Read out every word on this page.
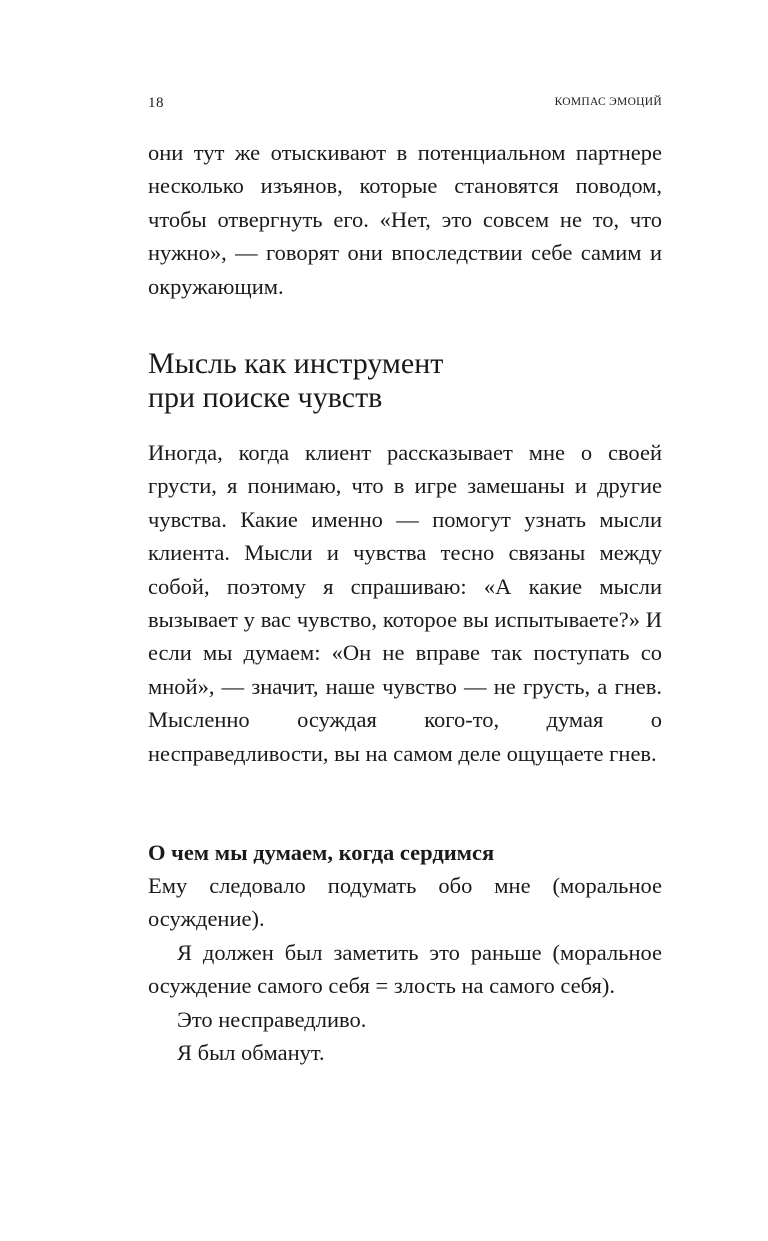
18	КОМПАС ЭМОЦИЙ

они тут же отыскивают в потенциальном партнере несколько изъянов, которые становятся поводом, чтобы отвергнуть его. «Нет, это совсем не то, что нужно», — говорят они впоследствии себе самим и окружающим.

Мысль как инструмент
при поиске чувств

Иногда, когда клиент рассказывает мне о своей грусти, я понимаю, что в игре замешаны и другие чувства. Какие именно — помогут узнать мысли клиента. Мысли и чувства тесно связаны между собой, поэтому я спрашиваю: «А какие мысли вызывает у вас чувство, которое вы испытываете?» И если мы думаем: «Он не вправе так поступать со мной», — значит, наше чувство — не грусть, а гнев. Мысленно осуждая кого-то, думая о несправедливости, вы на самом деле ощущаете гнев.

О чем мы думаем, когда сердимся

Ему следовало подумать обо мне (моральное осуждение).

Я должен был заметить это раньше (моральное осуждение самого себя = злость на самого себя).

Это несправедливо.

Я был обманут.
